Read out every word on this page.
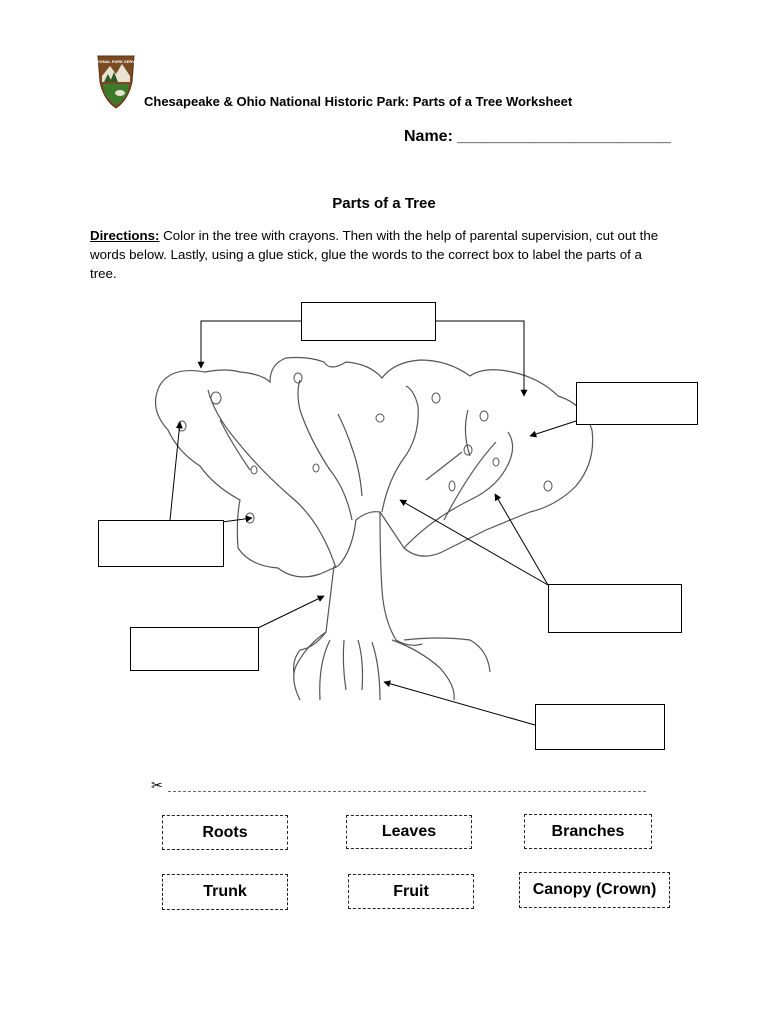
NATIONAL PARK SERVICE
Chesapeake & Ohio National Historic Park: Parts of a Tree Worksheet
Name: ________________________
Parts of a Tree
Directions: Color in the tree with crayons. Then with the help of parental supervision, cut out the words below. Lastly, using a glue stick, glue the words to the correct box to label the parts of a tree.
✂
Roots	Leaves	Branches
Trunk	Fruit	Canopy (Crown)
